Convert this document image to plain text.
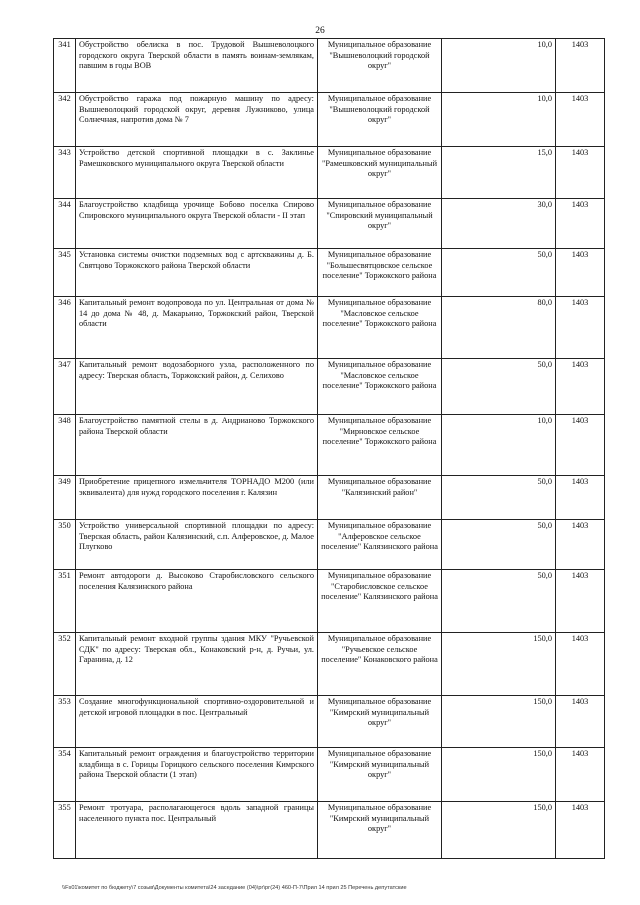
26
341	Обустройство обелиска в пос. Трудовой Вышневолоцкого городского округа Тверской области в память воинам-землякам, павшим в годы ВОВ	Муниципальное образование "Вышневолоцкий городской округ"	10,0	1403
342	Обустройство гаража под пожарную машину по адресу: Вышневолоцкий городской округ, деревня Лужниково, улица Солнечная, напротив дома № 7	Муниципальное образование "Вышневолоцкий городской округ"	10,0	1403
343	Устройство детской спортивной площадки в с. Заклинье Рамешковского муниципального округа Тверской области	Муниципальное образование "Рамешковский муниципальный округ"	15,0	1403
344	Благоустройство кладбища урочище Бобово поселка Спирово Спировского муниципального округа Тверской области - II этап	Муниципальное образование "Спировский муниципальный округ"	30,0	1403
345	Установка системы очистки подземных вод с артскважины д. Б. Святцово Торжокского района Тверской области	Муниципальное образование "Большесвятцовское сельское поселение" Торжокского района	50,0	1403
346	Капитальный ремонт водопровода по ул. Центральная от дома № 14 до дома № 48, д. Макарьино, Торжокский район, Тверской области	Муниципальное образование "Масловское сельское поселение" Торжокского района	80,0	1403
347	Капитальный ремонт водозаборного узла, расположенного по адресу: Тверская область, Торжокский район, д. Селихово	Муниципальное образование "Масловское сельское поселение" Торжокского района	50,0	1403
348	Благоустройство памятной стелы в д. Андрианово Торжокского района Тверской области	Муниципальное образование "Мирновское сельское поселение" Торжокского района	10,0	1403
349	Приобретение прицепного измельчителя ТОРНАДО М200 (или эквивалента) для нужд городского поселения г. Калязин	Муниципальное образование "Калязинский район"	50,0	1403
350	Устройство универсальной спортивной площадки по адресу: Тверская область, район Калязинский, с.п. Алферовское, д. Малое Плугково	Муниципальное образование "Алферовское сельское поселение" Калязинского района	50,0	1403
351	Ремонт автодороги д. Высоково Старобисловского сельского поселения Калязинского района	Муниципальное образование "Старобисловское сельское поселение" Калязинского района	50,0	1403
352	Капитальный ремонт входной группы здания МКУ "Ручьевской СДК" по адресу: Тверская обл., Конаковский р-н, д. Ручьи, ул. Гаранина, д. 12	Муниципальное образование "Ручьевское сельское поселение" Конаковского района	150,0	1403
353	Создание многофункциональной спортивно-оздоровительной и детской игровой площадки в пос. Центральный	Муниципальное образование "Кимрский муниципальный округ"	150,0	1403
354	Капитальный ремонт ограждения и благоустройство территории кладбища в с. Горицы Горицкого сельского поселения Кимрского района Тверской области (1 этап)	Муниципальное образование "Кимрский муниципальный округ"	150,0	1403
355	Ремонт тротуара, располагающегося вдоль западной границы населенного пункта пос. Центральный	Муниципальное образование "Кимрский муниципальный округ"	150,0	1403
\\Fs01\комитет по бюджету\7 созыв\Документы комитета\24 заседание (04)\рг\рг(24) 460-П-7\Прил 14 прил 25 Перечень депутатские
